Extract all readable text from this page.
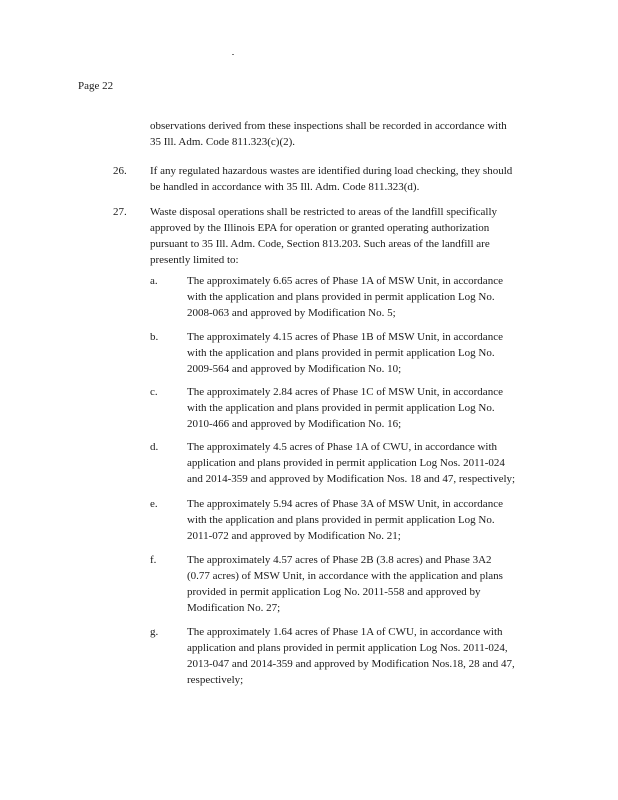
Page 22

observations derived from these inspections shall be recorded in accordance with
35 Ill. Adm. Code 811.323(c)(2).

26. If any regulated hazardous wastes are identified during load checking, they should
be handled in accordance with 35 Ill. Adm. Code 811.323(d).

27. Waste disposal operations shall be restricted to areas of the landfill specifically
approved by the Illinois EPA for operation or granted operating authorization
pursuant to 35 Ill. Adm. Code, Section 813.203. Such areas of the landfill are
presently limited to:

a.	The approximately 6.65 acres of Phase 1A of MSW Unit, in accordance
with the application and plans provided in permit application Log No.
2008-063 and approved by Modification No. 5;

b.	The approximately 4.15 acres of Phase 1B of MSW Unit, in accordance
with the application and plans provided in permit application Log No.
2009-564 and approved by Modification No. 10;

c.	The approximately 2.84 acres of Phase 1C of MSW Unit, in accordance
with the application and plans provided in permit application Log No.
2010-466 and approved by Modification No. 16;

d.	The approximately 4.5 acres of Phase 1A of CWU, in accordance with
application and plans provided in permit application Log Nos. 2011-024
and 2014-359 and approved by Modification Nos. 18 and 47, respectively;

e.	The approximately 5.94 acres of Phase 3A of MSW Unit, in accordance
with the application and plans provided in permit application Log No.
2011-072 and approved by Modification No. 21;

f.	The approximately 4.57 acres of Phase 2B (3.8 acres) and Phase 3A2
(0.77 acres) of MSW Unit, in accordance with the application and plans
provided in permit application Log No. 2011-558 and approved by
Modification No. 27;

g.	The approximately 1.64 acres of Phase 1A of CWU, in accordance with
application and plans provided in permit application Log Nos. 2011-024,
2013-047 and 2014-359 and approved by Modification Nos.18, 28 and 47,
respectively;
